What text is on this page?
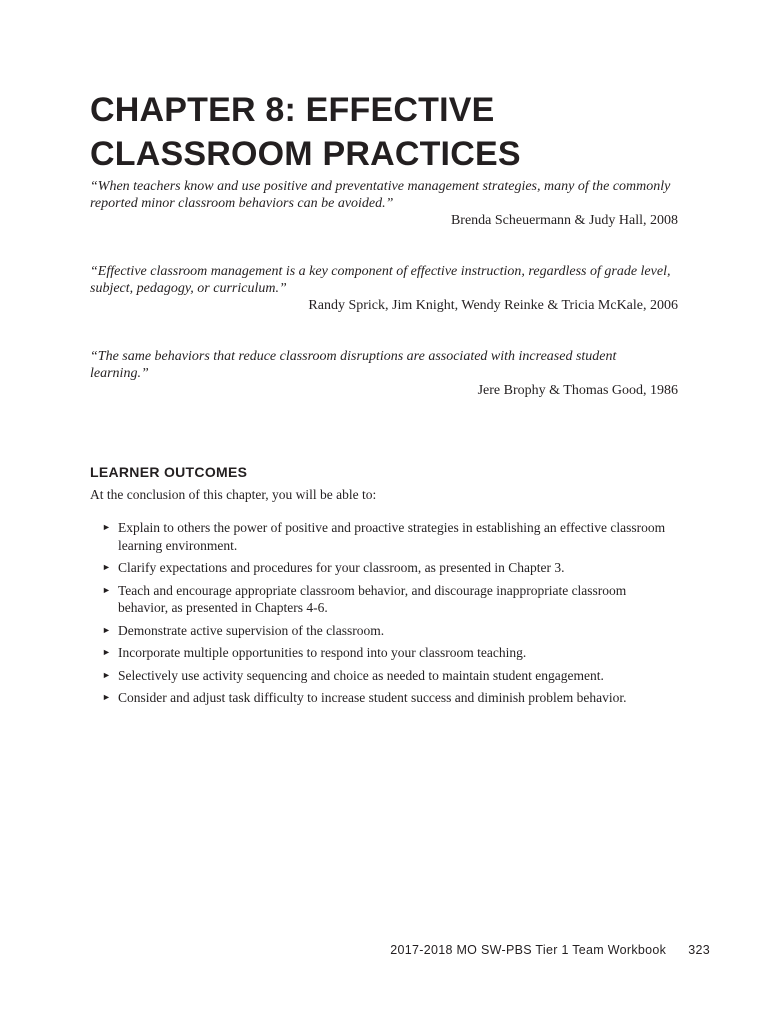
CHAPTER 8: EFFECTIVE
CLASSROOM PRACTICES

“When teachers know and use positive and preventative management strategies, many of the commonly reported minor classroom behaviors can be avoided.”

Brenda Scheuermann & Judy Hall, 2008

“Effective classroom management is a key component of effective instruction, regardless of grade level, subject, pedagogy, or curriculum.”

Randy Sprick, Jim Knight, Wendy Reinke & Tricia McKale, 2006

“The same behaviors that reduce classroom disruptions are associated with increased student learning.”

Jere Brophy & Thomas Good, 1986

LEARNER OUTCOMES

At the conclusion of this chapter, you will be able to:

► Explain to others the power of positive and proactive strategies in establishing an effective classroom learning environment.
► Clarify expectations and procedures for your classroom, as presented in Chapter 3.
► Teach and encourage appropriate classroom behavior, and discourage inappropriate classroom behavior, as presented in Chapters 4-6.
► Demonstrate active supervision of the classroom.
► Incorporate multiple opportunities to respond into your classroom teaching.
► Selectively use activity sequencing and choice as needed to maintain student engagement.
► Consider and adjust task difficulty to increase student success and diminish problem behavior.
2017-2018 MO SW-PBS Tier 1 Team Workbook 323
